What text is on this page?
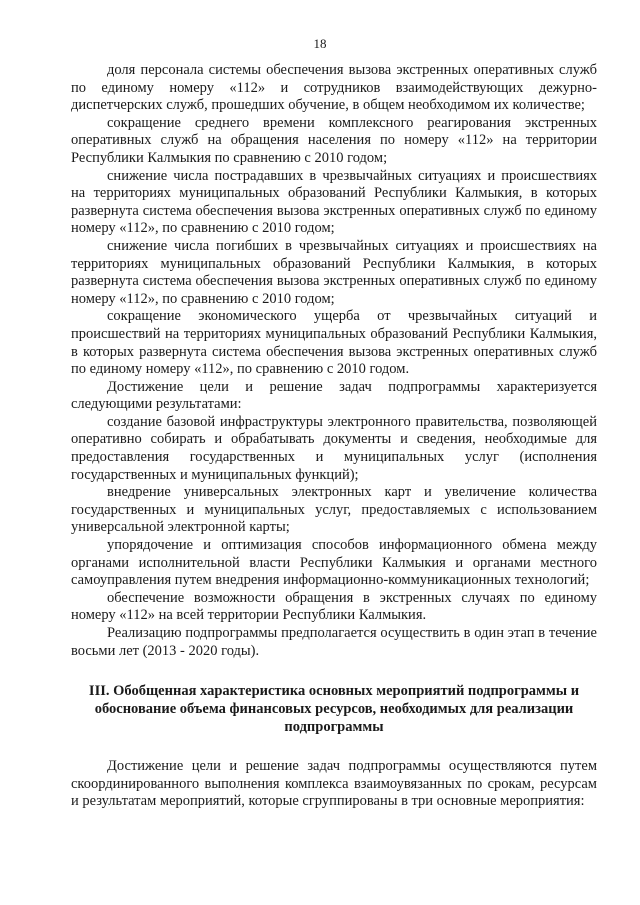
18

доля персонала системы обеспечения вызова экстренных оперативных служб по единому номеру «112» и сотрудников взаимодействующих дежурно-диспетчерских служб, прошедших обучение, в общем необходимом их количестве;

сокращение среднего времени комплексного реагирования экстренных оперативных служб на обращения населения по номеру «112» на территории Республики Калмыкия по сравнению с 2010 годом;

снижение числа пострадавших в чрезвычайных ситуациях и происшествиях на территориях муниципальных образований Республики Калмыкия, в которых развернута система обеспечения вызова экстренных оперативных служб по единому номеру «112», по сравнению с 2010 годом;

снижение числа погибших в чрезвычайных ситуациях и происшествиях на территориях муниципальных образований Республики Калмыкия, в которых развернута система обеспечения вызова экстренных оперативных служб по единому номеру «112», по сравнению с 2010 годом;

сокращение экономического ущерба от чрезвычайных ситуаций и происшествий на территориях муниципальных образований Республики Калмыкия, в которых развернута система обеспечения вызова экстренных оперативных служб по единому номеру «112», по сравнению с 2010 годом.

Достижение цели и решение задач подпрограммы характеризуется следующими результатами:

создание базовой инфраструктуры электронного правительства, позволяющей оперативно собирать и обрабатывать документы и сведения, необходимые для предоставления государственных и муниципальных услуг (исполнения государственных и муниципальных функций);

внедрение универсальных электронных карт и увеличение количества государственных и муниципальных услуг, предоставляемых с использованием универсальной электронной карты;

упорядочение и оптимизация способов информационного обмена между органами исполнительной власти Республики Калмыкия и органами местного самоуправления путем внедрения информационно-коммуникационных технологий;

обеспечение возможности обращения в экстренных случаях по единому номеру «112» на всей территории Республики Калмыкия.

Реализацию подпрограммы предполагается осуществить в один этап в течение восьми лет (2013 - 2020 годы).

III. Обобщенная характеристика основных мероприятий подпрограммы и обоснование объема финансовых ресурсов, необходимых для реализации подпрограммы

Достижение цели и решение задач подпрограммы осуществляются путем скоординированного выполнения комплекса взаимоувязанных по срокам, ресурсам и результатам мероприятий, которые сгруппированы в три основные мероприятия:
